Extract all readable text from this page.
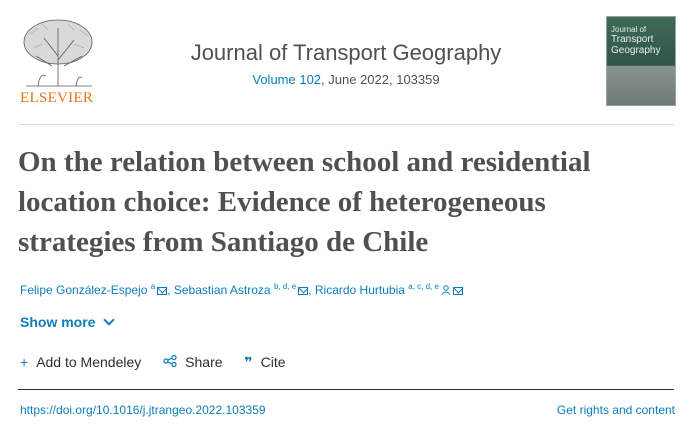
ELSEVIER
Journal of Transport Geography
Volume 102, June 2022, 103359
Journal of
Transport
Geography
On the relation between school and residential location choice: Evidence of heterogeneous strategies from Santiago de Chile
Felipe González-Espejo $^a$ , Sebastian Astroza $^{b, d, e}$ , Ricardo Hurtubia $^{a, c, d, e}$
Show more
+ Add to Mendeley	Share ❞ Cite
https://doi.org/10.1016/j.jtrangeo.2022.103359	Get rights and content
